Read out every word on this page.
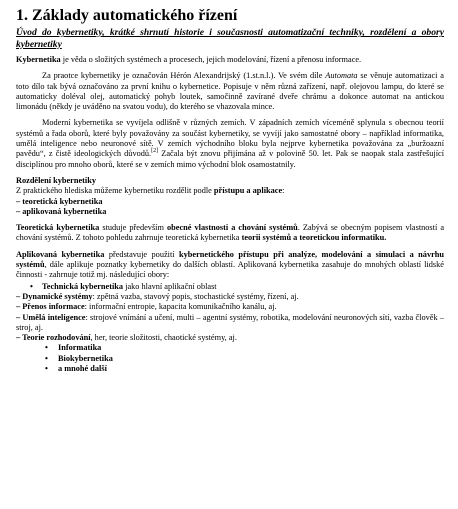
1. Základy automatického řízení
Úvod do kybernetiky, krátké shrnutí historie i současnosti automatizační techniky, rozdělení a obory kybernetiky

Kybernetika je věda o složitých systémech a procesech, jejich modelování, řízení a přenosu informace.

Za praotce kybernetiky je označován Hérón Alexandrijský (1.st.n.l.). Ve svém díle Automata se věnuje automatizaci a toto dílo tak bývá označováno za první knihu o kybernetice. Popisuje v něm různá zařízení, např. olejovou lampu, do které se automaticky doléval olej, automatický pohyb loutek, samočinně zavírané dveře chrámu a dokonce automat na antickou limonádu (někdy je uváděno na svatou vodu), do kterého se vhazovala mince.

Moderní kybernetika se vyvíjela odlišně v různých zemích. V západních zemích víceméně splynula s obecnou teorií systémů a řada oborů, které byly považovány za součást kybernetiky, se vyvíjí jako samostatné obory – například informatika, umělá inteligence nebo neuronové sítě. V zemích východního bloku byla nejprve kybernetika považována za „buržoazní pavědu“, z čistě ideologických důvodů.[2] Začala být znovu přijímána až v polovině 50. let. Pak se naopak stala zastřešující disciplínou pro mnoho oborů, které se v zemích mimo východní blok osamostatnily.

Rozdělení kybernetiky
Z praktického hlediska můžeme kybernetiku rozdělit podle přístupu a aplikace:
– teoretická kybernetika
– aplikovaná kybernetika

Teoretická kybernetika studuje především obecné vlastnosti a chování systémů. Zabývá se obecným popisem vlastností a chování systémů. Z tohoto pohledu zahrnuje teoretická kybernetika teorii systémů a teoretickou informatiku.

Aplikovaná kybernetika představuje použití kybernetického přístupu při analýze, modelování a simulaci a návrhu systémů, dále aplikuje poznatky kybernetiky do dalších oblastí. Aplikovaná kybernetika zasahuje do mnohých oblastí lidské činnosti - zahrnuje totiž mj. následující obory:

• Technická kybernetika jako hlavní aplikační oblast
– Dynamické systémy: zpětná vazba, stavový popis, stochastické systémy, řízení, aj.
– Přenos informace: informační entropie, kapacita komunikačního kanálu, aj.
– Umělá inteligence: strojové vnímání a učení, multi – agentní systémy, robotika, modelování neuronových sítí, vazba člověk – stroj, aj.
– Teorie rozhodování, her, teorie složitosti, chaotické systémy, aj.
• Informatika
• Biokybernetika
• a mnohé další
